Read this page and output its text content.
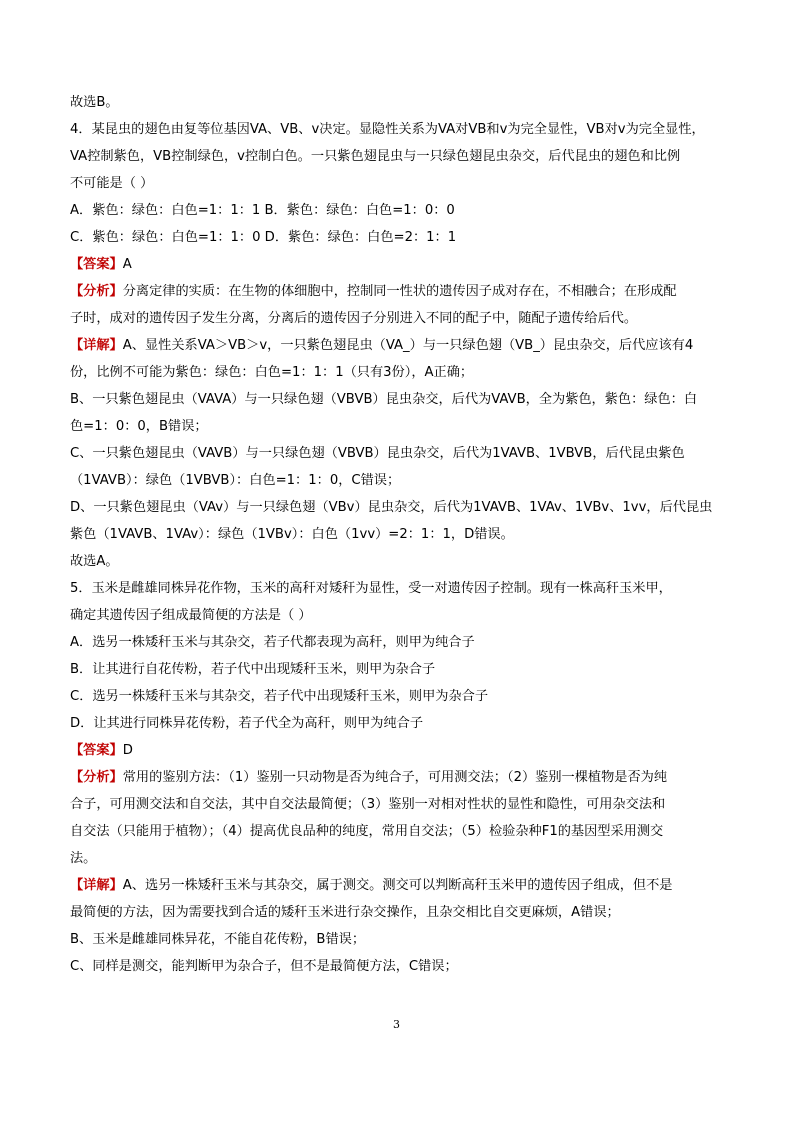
故选B。
4．某昆虫的翅色由复等位基因VA、VB、v决定。显隐性关系为VA对VB和v为完全显性，VB对v为完全显性，
VA控制紫色，VB控制绿色，v控制白色。一只紫色翅昆虫与一只绿色翅昆虫杂交，后代昆虫的翅色和比例
不可能是（ ）
A．紫色：绿色：白色=1：1：1 B．紫色：绿色：白色=1：0：0
C．紫色：绿色：白色=1：1：0 D．紫色：绿色：白色=2：1：1
【答案】A
【分析】分离定律的实质：在生物的体细胞中，控制同一性状的遗传因子成对存在，不相融合；在形成配
子时，成对的遗传因子发生分离，分离后的遗传因子分别进入不同的配子中，随配子遗传给后代。
【详解】A、显性关系VA＞VB＞v，一只紫色翅昆虫（VA_）与一只绿色翅（VB_）昆虫杂交，后代应该有4
份，比例不可能为紫色：绿色：白色=1：1：1（只有3份），A正确；
B、一只紫色翅昆虫（VAVA）与一只绿色翅（VBVB）昆虫杂交，后代为VAVB，全为紫色，紫色：绿色：白
色=1：0：0，B错误；
C、一只紫色翅昆虫（VAVB）与一只绿色翅（VBVB）昆虫杂交，后代为1VAVB、1VBVB，后代昆虫紫色
（1VAVB）：绿色（1VBVB）：白色=1：1：0，C错误；
D、一只紫色翅昆虫（VAv）与一只绿色翅（VBv）昆虫杂交，后代为1VAVB、1VAv、1VBv、1vv，后代昆虫
紫色（1VAVB、1VAv）：绿色（1VBv）：白色（1vv）=2：1：1，D错误。
故选A。
5．玉米是雌雄同株异花作物，玉米的高秆对矮秆为显性，受一对遗传因子控制。现有一株高秆玉米甲，
确定其遗传因子组成最简便的方法是（ ）
A．选另一株矮秆玉米与其杂交，若子代都表现为高秆，则甲为纯合子
B．让其进行自花传粉，若子代中出现矮秆玉米，则甲为杂合子
C．选另一株矮秆玉米与其杂交，若子代中出现矮秆玉米，则甲为杂合子
D．让其进行同株异花传粉，若子代全为高秆，则甲为纯合子
【答案】D
【分析】常用的鉴别方法：（1）鉴别一只动物是否为纯合子，可用测交法；（2）鉴别一棵植物是否为纯
合子，可用测交法和自交法，其中自交法最简便；（3）鉴别一对相对性状的显性和隐性，可用杂交法和
自交法（只能用于植物）；（4）提高优良品种的纯度，常用自交法；（5）检验杂种F1的基因型采用测交
法。
【详解】A、选另一株矮秆玉米与其杂交，属于测交。测交可以判断高秆玉米甲的遗传因子组成，但不是
最简便的方法，因为需要找到合适的矮秆玉米进行杂交操作，且杂交相比自交更麻烦，A错误；
B、玉米是雌雄同株异花，不能自花传粉，B错误；
C、同样是测交，能判断甲为杂合子，但不是最简便方法，C错误；
3
